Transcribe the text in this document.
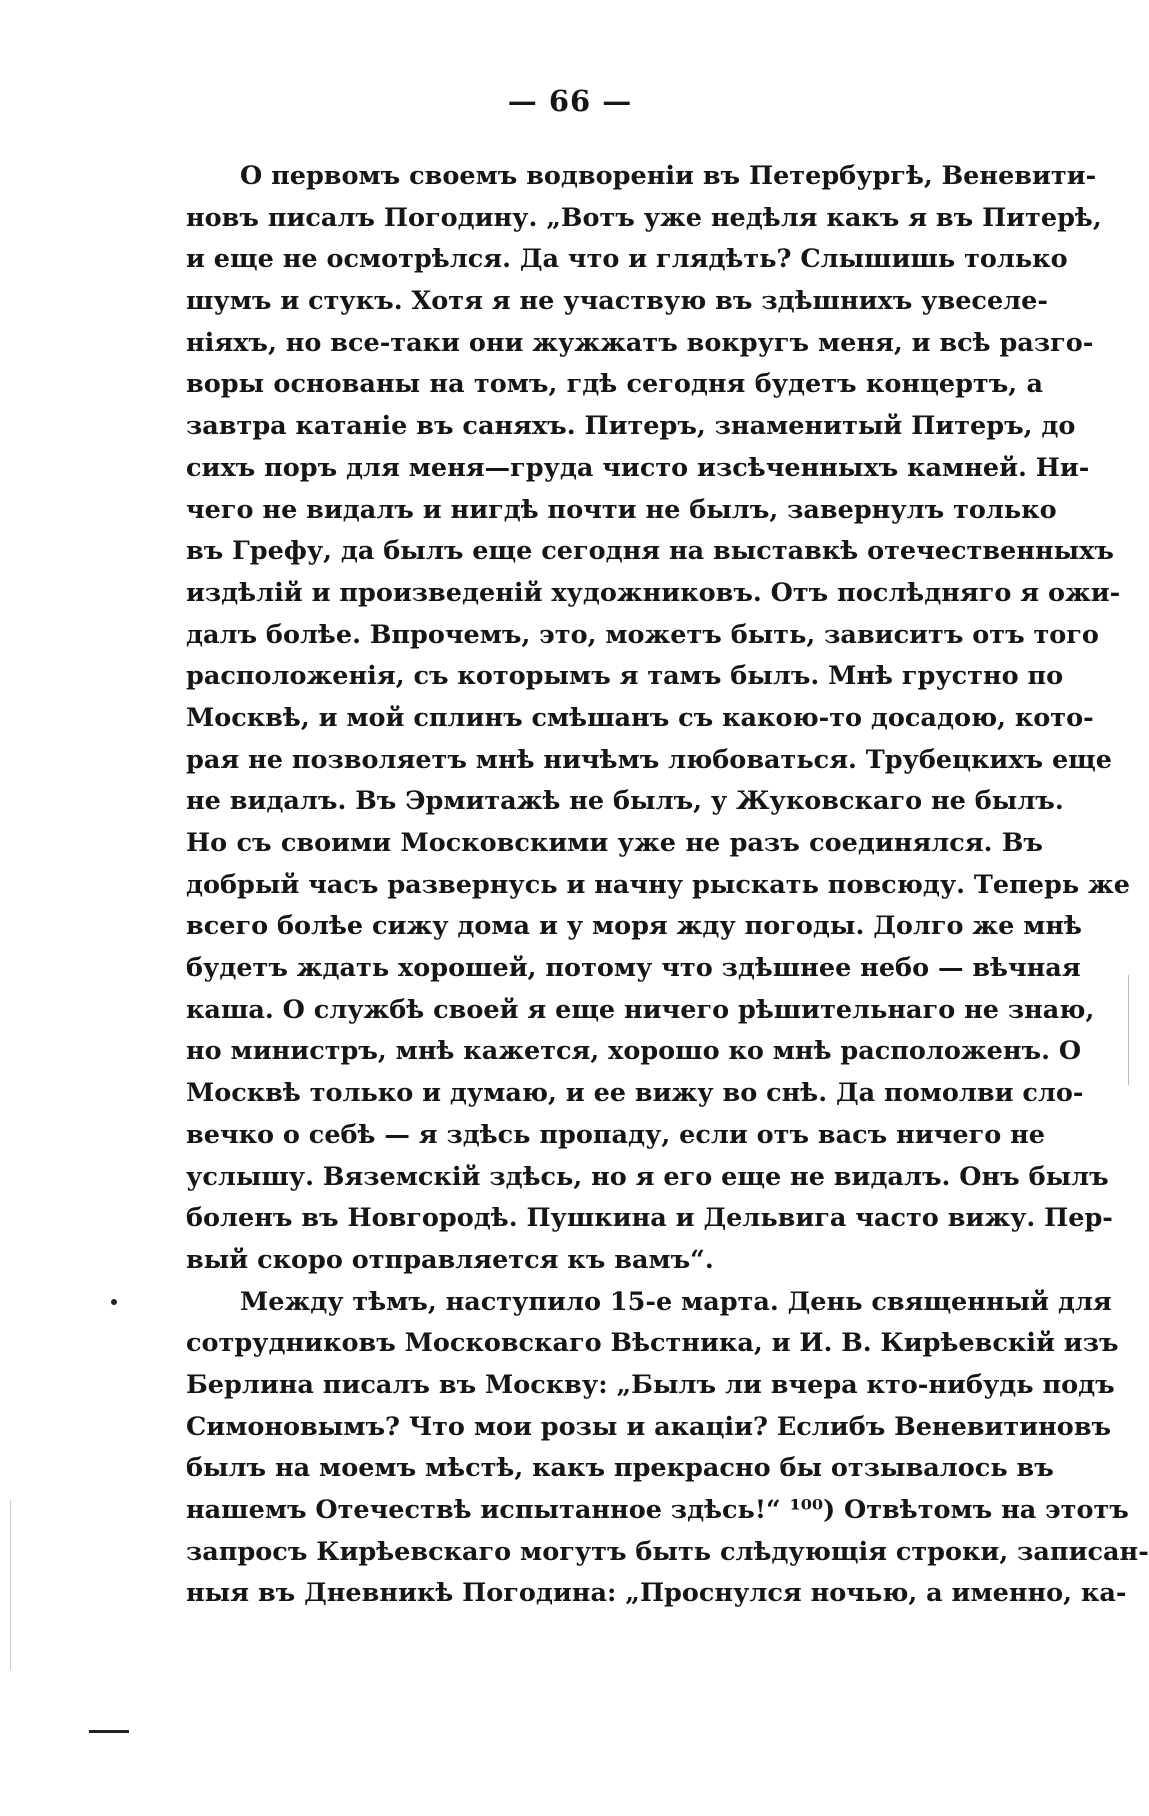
— 66 —
О первомъ своемъ водвореніи въ Петербургѣ, Веневити-
новъ писалъ Погодину. „Вотъ уже недѣля какъ я въ Питерѣ,
и еще не осмотрѣлся. Да что и глядѣть? Слышишь только
шумъ и стукъ. Хотя я не участвую въ здѣшнихъ увеселе-
ніяхъ, но все-таки они жужжатъ вокругъ меня, и всѣ разго-
воры основаны на томъ, гдѣ сегодня будетъ концертъ, а
завтра катаніе въ саняхъ. Питеръ, знаменитый Питеръ, до
сихъ поръ для меня—груда чисто изсѣченныхъ камней. Ни-
чего не видалъ и нигдѣ почти не былъ, завернулъ только
въ Грефу, да былъ еще сегодня на выставкѣ отечественныхъ
издѣлій и произведеній художниковъ. Отъ послѣдняго я ожи-
далъ болѣе. Впрочемъ, это, можетъ быть, зависитъ отъ того
расположенія, съ которымъ я тамъ былъ. Мнѣ грустно по
Москвѣ, и мой сплинъ смѣшанъ съ какою-то досадою, кото-
рая не позволяетъ мнѣ ничѣмъ любоваться. Трубецкихъ еще
не видалъ. Въ Эрмитажѣ не былъ, у Жуковскаго не былъ.
Но съ своими Московскими уже не разъ соединялся. Въ
добрый часъ развернусь и начну рыскать повсюду. Теперь же
всего болѣе сижу дома и у моря жду погоды. Долго же мнѣ
будетъ ждать хорошей, потому что здѣшнее небо — вѣчная
каша. О службѣ своей я еще ничего рѣшительнаго не знаю,
но министръ, мнѣ кажется, хорошо ко мнѣ расположенъ. О
Москвѣ только и думаю, и ее вижу во снѣ. Да помолви сло-
вечко о себѣ — я здѣсь пропаду, если отъ васъ ничего не
услышу. Вяземскій здѣсь, но я его еще не видалъ. Онъ былъ
боленъ въ Новгородѣ. Пушкина и Дельвига часто вижу. Пер-
вый скоро отправляется къ вамъ“.
Между тѣмъ, наступило 15-е марта. День священный для
сотрудниковъ Московскаго Вѣстника, и И. В. Кирѣевскій изъ
Берлина писалъ въ Москву: „Былъ ли вчера кто-нибудь подъ
Симоновымъ? Что мои розы и акаціи? Еслибъ Веневитиновъ
былъ на моемъ мѣстѣ, какъ прекрасно бы отзывалось въ
нашемъ Отечествѣ испытанное здѣсь!“ ¹⁰⁰) Отвѣтомъ на этотъ
запросъ Кирѣевскаго могутъ быть слѣдующія строки, записан-
ныя въ Дневникѣ Погодина: „Проснулся ночью, а именно, ка-
